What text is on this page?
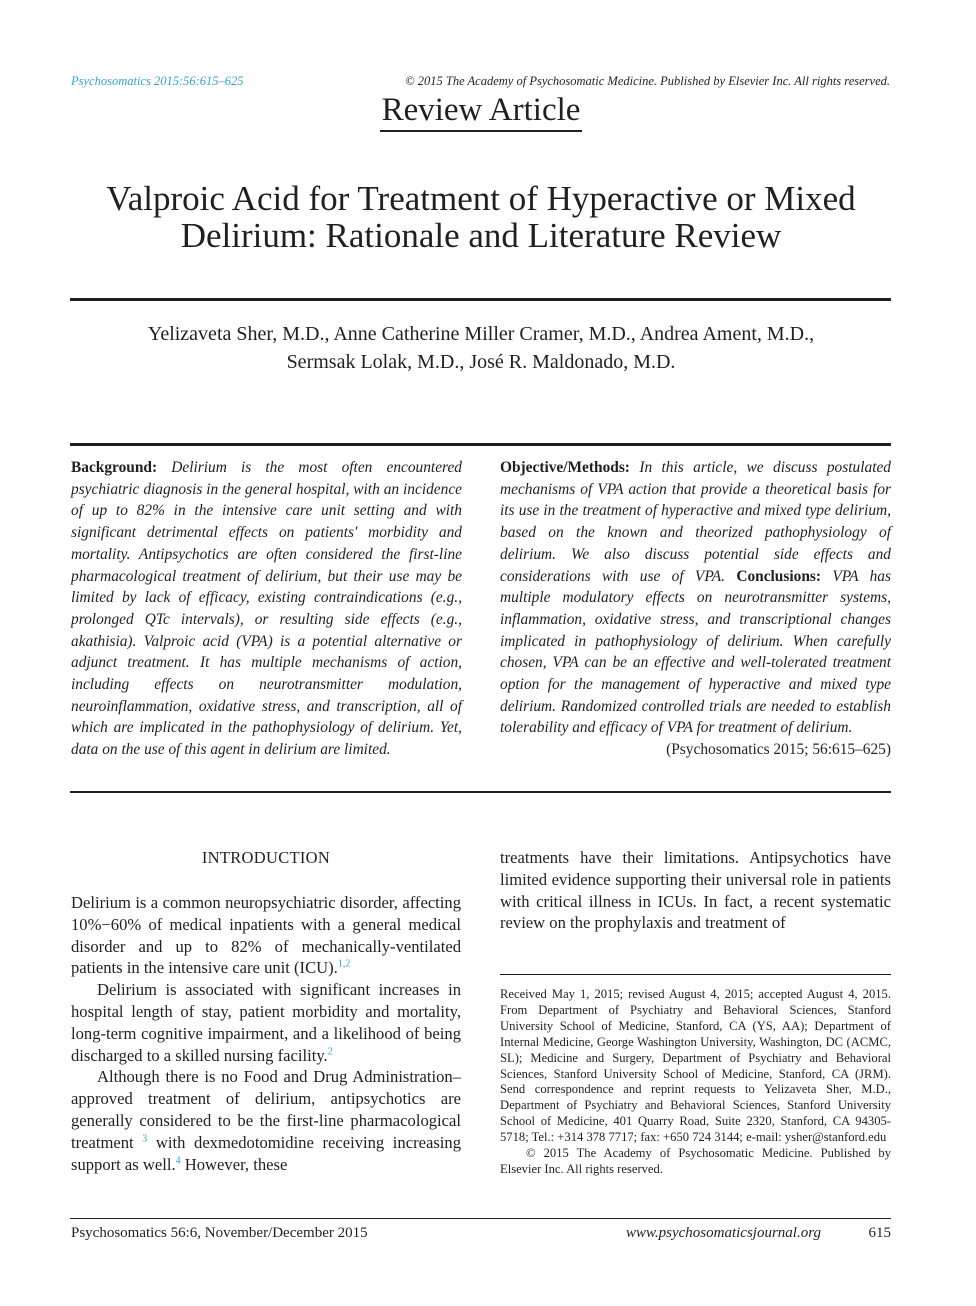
Psychosomatics 2015:56:615–625	© 2015 The Academy of Psychosomatic Medicine. Published by Elsevier Inc. All rights reserved.
Review Article
Valproic Acid for Treatment of Hyperactive or Mixed
Delirium: Rationale and Literature Review
Yelizaveta Sher, M.D., Anne Catherine Miller Cramer, M.D., Andrea Ament, M.D.,
Sermsak Lolak, M.D., José R. Maldonado, M.D.
Background: Delirium is the most often encountered psychiatric diagnosis in the general hospital, with an incidence of up to 82% in the intensive care unit setting and with significant detrimental effects on patients' morbidity and mortality. Antipsychotics are often considered the first-line pharmacological treatment of delirium, but their use may be limited by lack of efficacy, existing contraindications (e.g., prolonged QTc intervals), or resulting side effects (e.g., akathisia). Valproic acid (VPA) is a potential alternative or adjunct treatment. It has multiple mechanisms of action, including effects on neurotransmitter modulation, neuroinflammation, oxidative stress, and transcription, all of which are implicated in the pathophysiology of delirium. Yet, data on the use of this agent in delirium are limited.
Objective/Methods: In this article, we discuss postulated mechanisms of VPA action that provide a theoretical basis for its use in the treatment of hyperactive and mixed type delirium, based on the known and theorized pathophysiology of delirium. We also discuss potential side effects and considerations with use of VPA. Conclusions: VPA has multiple modulatory effects on neurotransmitter systems, inflammation, oxidative stress, and transcriptional changes implicated in pathophysiology of delirium. When carefully chosen, VPA can be an effective and well-tolerated treatment option for the management of hyperactive and mixed type delirium. Randomized controlled trials are needed to establish tolerability and efficacy of VPA for treatment of delirium.
(Psychosomatics 2015; 56:615–625)
INTRODUCTION

Delirium is a common neuropsychiatric disorder, affecting 10%−60% of medical inpatients with a general medical disorder and up to 82% of mechanically-ventilated patients in the intensive care unit (ICU).$^{1,2}$

Delirium is associated with significant increases in hospital length of stay, patient morbidity and mortality, long-term cognitive impairment, and a likelihood of being discharged to a skilled nursing facility.$^2$

Although there is no Food and Drug Administration–approved treatment of delirium, antipsychotics are generally considered to be the first-line pharmacological treatment $^3$ with dexmedotomidine receiving increasing support as well.$^4$ However, these

treatments have their limitations. Antipsychotics have limited evidence supporting their universal role in patients with critical illness in ICUs. In fact, a recent systematic review on the prophylaxis and treatment of

Received May 1, 2015; revised August 4, 2015; accepted August 4, 2015. From Department of Psychiatry and Behavioral Sciences, Stanford University School of Medicine, Stanford, CA (YS, AA); Department of Internal Medicine, George Washington University, Washington, DC (ACMC, SL); Medicine and Surgery, Department of Psychiatry and Behavioral Sciences, Stanford University School of Medicine, Stanford, CA (JRM). Send correspondence and reprint requests to Yelizaveta Sher, M.D., Department of Psychiatry and Behavioral Sciences, Stanford University School of Medicine, 401 Quarry Road, Suite 2320, Stanford, CA 94305-5718; Tel.: +314 378 7717; fax: +650 724 3144; e-mail: ysher@stanford.edu

© 2015 The Academy of Psychosomatic Medicine. Published by Elsevier Inc. All rights reserved.

Psychosomatics 56:6, November/December 2015	www.psychosomaticsjournal.org	615
